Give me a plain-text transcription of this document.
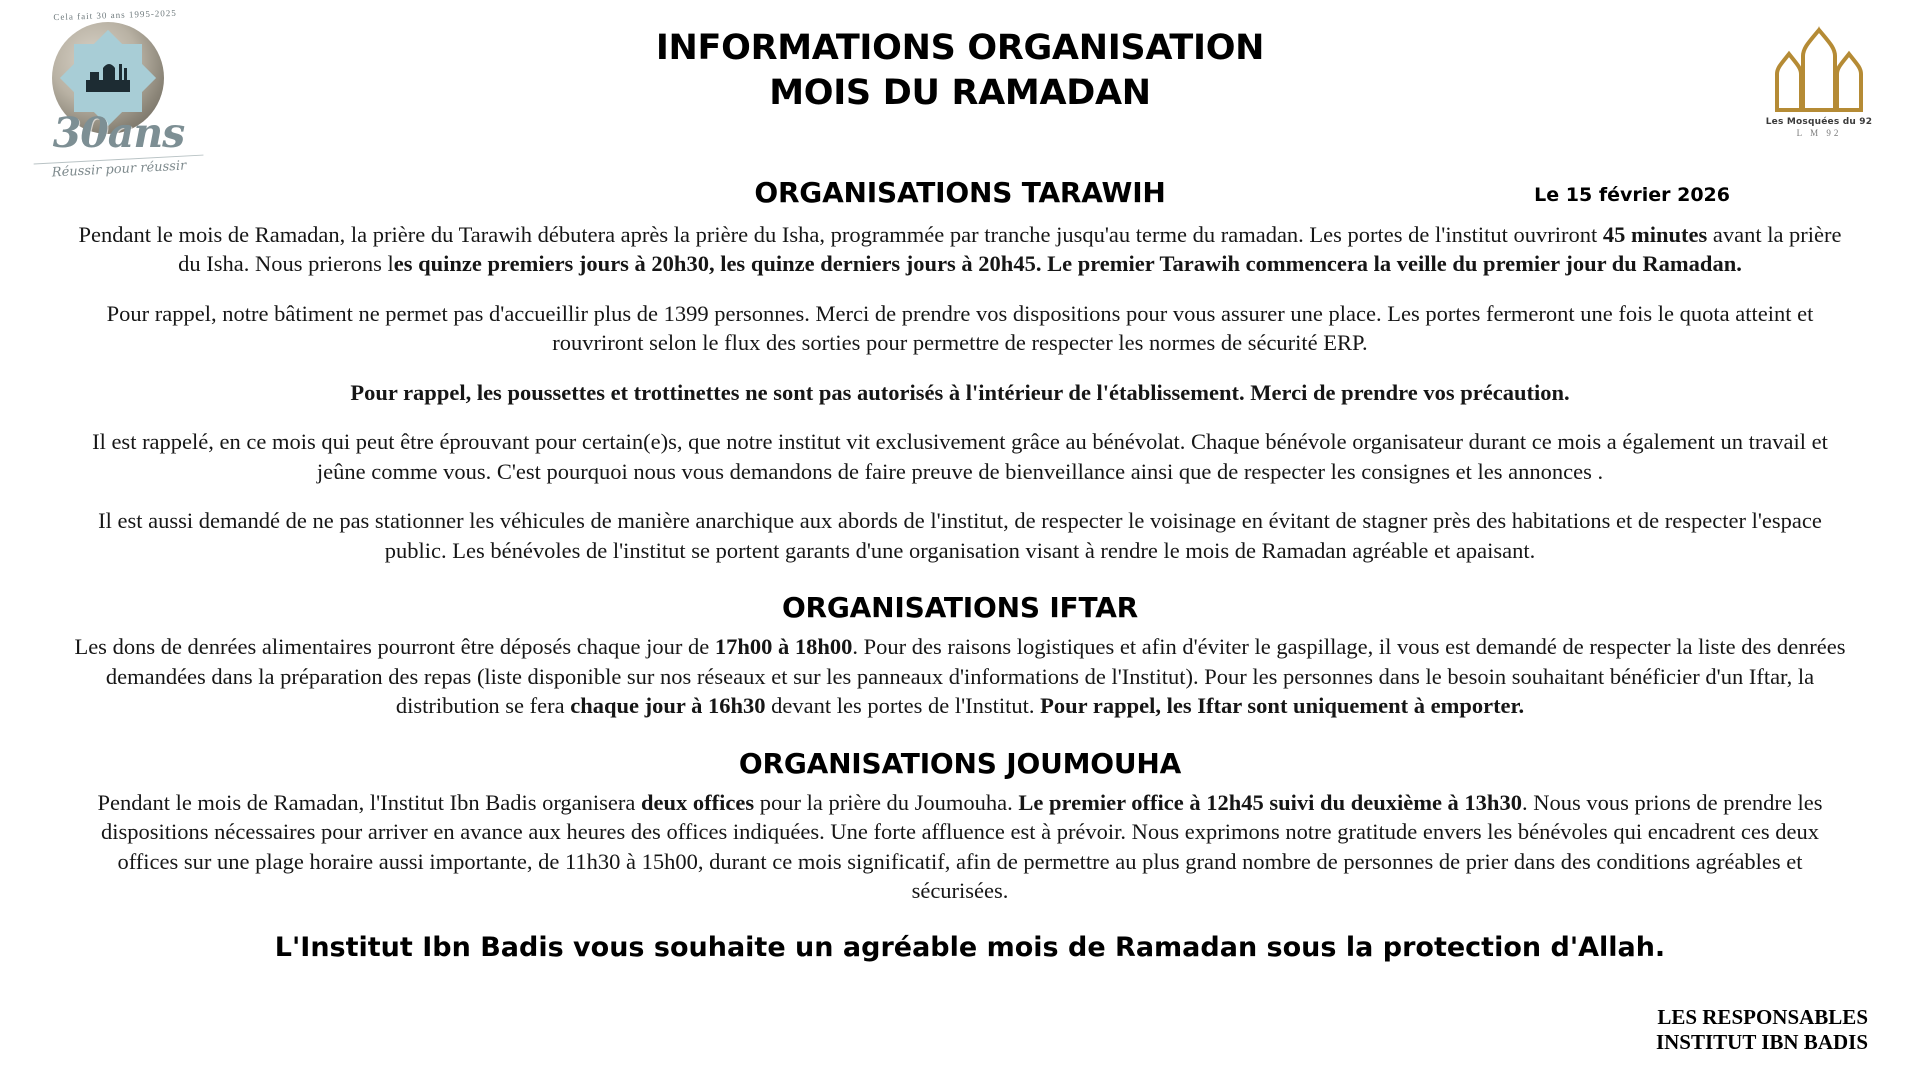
Cela fait 30 ans 1995-2025
30ans
Réussir pour réussir
INFORMATIONS ORGANISATION
MOIS DU RAMADAN
Les Mosquées du 92
L M 92
ORGANISATIONS TARAWIH	Le 15 février 2026

Pendant le mois de Ramadan, la prière du Tarawih débutera après la prière du Isha, programmée par tranche jusqu'au terme du ramadan. Les portes de l'institut ouvriront 45 minutes avant la prière du Isha. Nous prierons les quinze premiers jours à 20h30, les quinze derniers jours à 20h45. Le premier Tarawih commencera la veille du premier jour du Ramadan.

Pour rappel, notre bâtiment ne permet pas d'accueillir plus de 1399 personnes. Merci de prendre vos dispositions pour vous assurer une place. Les portes fermeront une fois le quota atteint et rouvriront selon le flux des sorties pour permettre de respecter les normes de sécurité ERP.

Pour rappel, les poussettes et trottinettes ne sont pas autorisés à l'intérieur de l'établissement. Merci de prendre vos précaution.

Il est rappelé, en ce mois qui peut être éprouvant pour certain(e)s, que notre institut vit exclusivement grâce au bénévolat. Chaque bénévole organisateur durant ce mois a également un travail et jeûne comme vous. C'est pourquoi nous vous demandons de faire preuve de bienveillance ainsi que de respecter les consignes et les annonces .

Il est aussi demandé de ne pas stationner les véhicules de manière anarchique aux abords de l'institut, de respecter le voisinage en évitant de stagner près des habitations et de respecter l'espace public. Les bénévoles de l'institut se portent garants d'une organisation visant à rendre le mois de Ramadan agréable et apaisant.

ORGANISATIONS IFTAR

Les dons de denrées alimentaires pourront être déposés chaque jour de 17h00 à 18h00. Pour des raisons logistiques et afin d'éviter le gaspillage, il vous est demandé de respecter la liste des denrées demandées dans la préparation des repas (liste disponible sur nos réseaux et sur les panneaux d'informations de l'Institut). Pour les personnes dans le besoin souhaitant bénéficier d'un Iftar, la distribution se fera chaque jour à 16h30 devant les portes de l'Institut. Pour rappel, les Iftar sont uniquement à emporter.

ORGANISATIONS JOUMOUHA

Pendant le mois de Ramadan, l'Institut Ibn Badis organisera deux offices pour la prière du Joumouha. Le premier office à 12h45 suivi du deuxième à 13h30. Nous vous prions de prendre les dispositions nécessaires pour arriver en avance aux heures des offices indiquées. Une forte affluence est à prévoir. Nous exprimons notre gratitude envers les bénévoles qui encadrent ces deux offices sur une plage horaire aussi importante, de 11h30 à 15h00, durant ce mois significatif, afin de permettre au plus grand nombre de personnes de prier dans des conditions agréables et sécurisées.

L'Institut Ibn Badis vous souhaite un agréable mois de Ramadan sous la protection d'Allah.
LES RESPONSABLES
INSTITUT IBN BADIS
